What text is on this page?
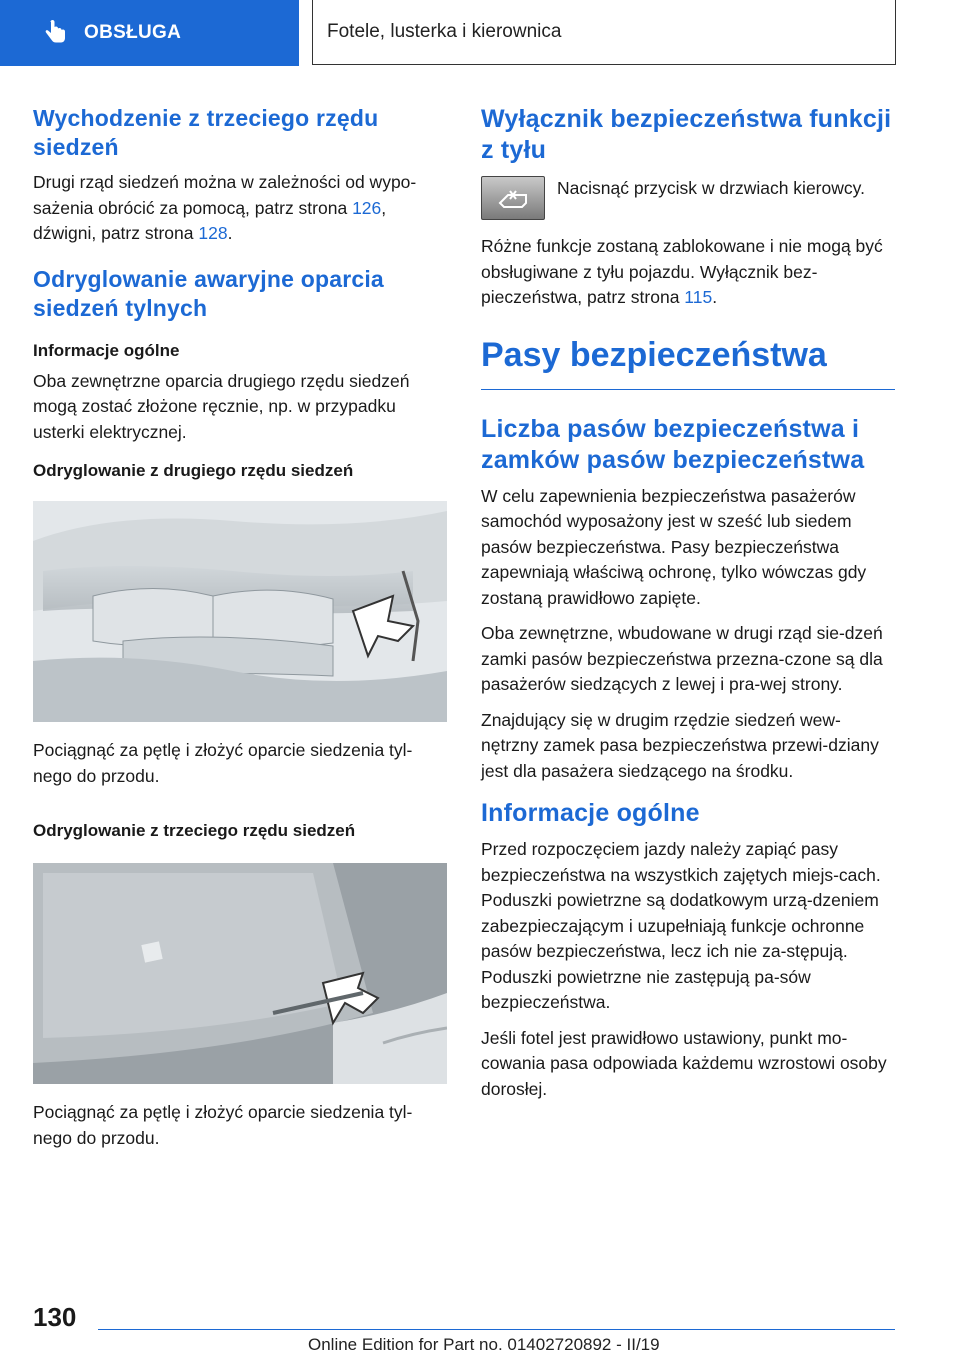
OBSŁUGA	Fotele, lusterka i kierownica
Wychodzenie z trzeciego rzędu siedzeń

Drugi rząd siedzeń można w zależności od wypo-sażenia obrócić za pomocą, patrz strona 126, dźwigni, patrz strona 128.

Odryglowanie awaryjne oparcia siedzeń tylnych
Informacje ogólne

Oba zewnętrzne oparcia drugiego rzędu siedzeń mogą zostać złożone ręcznie, np. w przypadku usterki elektrycznej.

Odryglowanie z drugiego rzędu siedzeń

Pociągnąć za pętlę i złożyć oparcie siedzenia tyl-nego do przodu.

Odryglowanie z trzeciego rzędu siedzeń

Pociągnąć za pętlę i złożyć oparcie siedzenia tyl-nego do przodu.

Wyłącznik bezpieczeństwa funkcji z tyłu

Nacisnąć przycisk w drzwiach kierowcy.

Różne funkcje zostaną zablokowane i nie mogą być obsługiwane z tyłu pojazdu. Wyłącznik bez-pieczeństwa, patrz strona 115.

Pasy bezpieczeństwa
Liczba pasów bezpieczeństwa i zamków pasów bezpieczeństwa

W celu zapewnienia bezpieczeństwa pasażerów samochód wyposażony jest w sześć lub siedem pasów bezpieczeństwa. Pasy bezpieczeństwa zapewniają właściwą ochronę, tylko wówczas gdy zostaną prawidłowo zapięte.

Oba zewnętrzne, wbudowane w drugi rząd sie-dzeń zamki pasów bezpieczeństwa przezna-czone są dla pasażerów siedzących z lewej i pra-wej strony.

Znajdujący się w drugim rzędzie siedzeń wew-nętrzny zamek pasa bezpieczeństwa przewi-dziany jest dla pasażera siedzącego na środku.

Informacje ogólne

Przed rozpoczęciem jazdy należy zapiąć pasy bezpieczeństwa na wszystkich zajętych miejs-cach. Poduszki powietrzne są dodatkowym urzą-dzeniem zabezpieczającym i uzupełniają funkcje ochronne pasów bezpieczeństwa, lecz ich nie za-stępują. Poduszki powietrzne nie zastępują pa-sów bezpieczeństwa.

Jeśli fotel jest prawidłowo ustawiony, punkt mo-cowania pasa odpowiada każdemu wzrostowi osoby dorosłej.

130
Online Edition for Part no. 01402720892 - II/19
